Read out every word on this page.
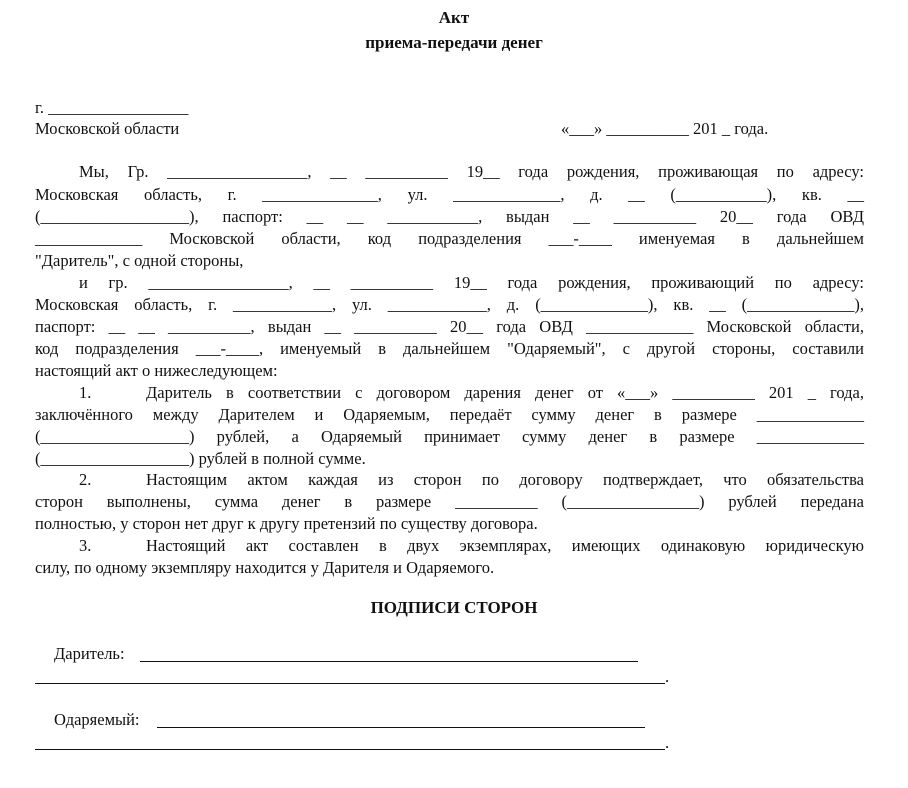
Акт
приема-передачи денег
г. _________________
Московской области	«___» __________ 201 _ года.
Мы, Гр. _________________, __ __________ 19__ года рождения, проживающая по адресу:
Московская область, г. ______________, ул. _____________, д. __ (___________), кв. __
(__________________), паспорт: __ __ ___________, выдан __ __________ 20__ года ОВД
_____________ Московской области, код подразделения ___-____ именуемая в дальнейшем
"Даритель", с одной стороны,
и гр. _________________, __ __________ 19__ года рождения, проживающий по адресу:
Московская область, г. ____________, ул. ____________, д. (_____________), кв. __ (_____________),
паспорт: __ __ __________, выдан __ __________ 20__ года ОВД _____________ Московской области,
код подразделения ___-____, именуемый в дальнейшем "Одаряемый", с другой стороны, составили
настоящий акт о нижеследующем:
1.	Даритель в соответствии с договором дарения денег от «___» __________ 201 _ года,
заключённого между Дарителем и Одаряемым, передаёт сумму денег в размере _____________
(__________________) рублей, а Одаряемый принимает сумму денег в размере _____________
(__________________) рублей в полной сумме.
2.	Настоящим актом каждая из сторон по договору подтверждает, что обязательства
сторон выполнены, сумма денег в размере __________ (________________) рублей передана
полностью, у сторон нет друг к другу претензий по существу договора.
3.	Настоящий акт составлен в двух экземплярах, имеющих одинаковую юридическую
силу, по одному экземпляру находится у Дарителя и Одаряемого.
ПОДПИСИ СТОРОН
Даритель:
.
Одаряемый:
.
